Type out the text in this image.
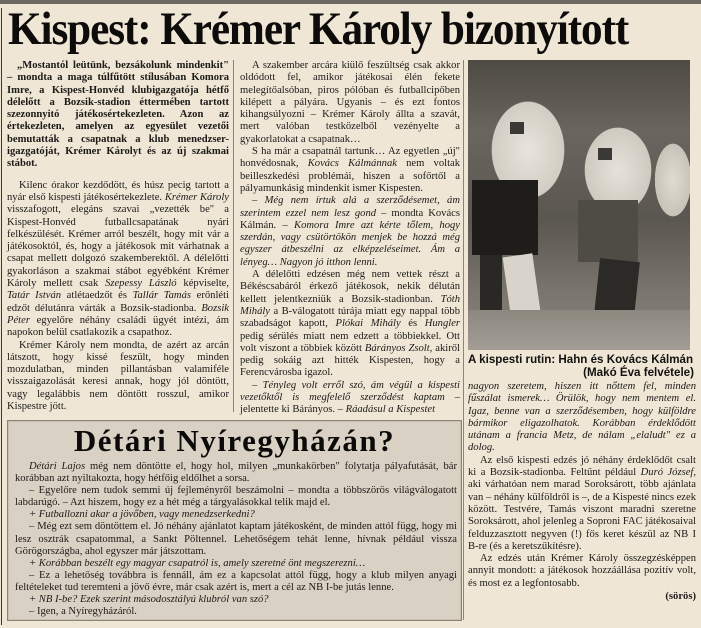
Kispest: Krémer Károly bizonyított

„Mostantól leütünk, bezsákolunk mindenkit" – mondta a maga túlfűtött stílusában Komora Imre, a Kispest-Honvéd klubigazgatója hétfő délelőtt a Bozsik-stadion éttermében tartott szezonnyitó játékosértekezleten. Azon az értekezleten, amelyen az egyesület vezetői bemutatták a csapatnak a klub menedzser-igazgatóját, Krémer Károlyt és az új szakmai stábot.

Kilenc órakor kezdődött, és húsz pecig tartott a nyár első kispesti játékosértekezlete. Krémer Károly visszafogott, elegáns szavai „vezették be" a Kispest-Honvéd futballcsapatának nyári felkészülését. Krémer arról beszélt, hogy mit vár a játékosoktól, és, hogy a játékosok mit várhatnak a csapat mellett dolgozó szakemberektől. A délelőtti gyakorláson a szakmai stábot egyébként Krémer Károly mellett csak Szepessy László képviselte, Tatár István atlétaedzőt és Tallár Tamás erőnléti edzőt délutánra várták a Bozsik-stadionba. Bozsik Péter egyelőre néhány családi ügyét intézi, ám napokon belül csatlakozik a csapathoz.

Krémer Károly nem mondta, de azért az arcán látszott, hogy kissé feszült, hogy minden mozdulatban, minden pillantásban valamiféle visszaigazolását keresi annak, hogy jól döntött, vagy legalábbis nem döntött rosszul, amikor Kispestre jött.

A szakember arcára kiülő feszültség csak akkor oldódott fel, amikor játékosai élén fekete melegítőalsóban, piros pólóban és futballcipőben kilépett a pályára. Ugyanis – és ezt fontos kihangsúlyozni – Krémer Károly állta a szavát, mert valóban testközelből vezényelte a gyakorlatokat a csapatnak…

S ha már a csapatnál tartunk… Az egyetlen „új" honvédosnak, Kovács Kálmánnak nem voltak beilleszkedési problémái, hiszen a sofőrtől a pályamunkásig mindenkit ismer Kispesten.

– Még nem írtuk alá a szerződésemet, ám szerintem ezzel nem lesz gond – mondta Kovács Kálmán. – Komora Imre azt kérte tőlem, hogy szerdán, vagy csütörtökön menjek be hozzá még egyszer átbeszélni az elképzeléseimet. Ám a lényeg… Nagyon jó itthon lenni.

A délelőtti edzésen még nem vettek részt a Békéscsabáról érkező játékosok, nekik délután kellett jelentkezniük a Bozsik-stadionban. Tóth Mihály a B-válogatott túrája miatt egy nappal több szabadságot kapott, Plókai Mihály és Hungler pedig sérülés miatt nem edzett a többiekkel. Ott volt viszont a többiek között Bárányos Zsolt, akiről pedig sokáig azt hitték Kispesten, hogy a Ferencvárosba igazol.

– Tényleg volt erről szó, ám végül a kispesti vezetőktől is megfelelő szerződést kaptam – jelentette ki Bárányos. – Ráadásul a Kispestet

A kispesti rutin: Hahn és Kovács Kálmán
(Makó Éva felvétele)

nagyon szeretem, hiszen itt nőttem fel, minden fűszálat ismerek… Örülök, hogy nem mentem el. Igaz, benne van a szerződésemben, hogy külföldre bármikor eligazolhatok. Korábban érdeklődött utánam a francia Metz, de nálam „elaludt" ez a dolog.

Az első kispesti edzés jó néhány érdeklődőt csalt ki a Bozsik-stadionba. Feltűnt például Duró József, aki várhatóan nem marad Soroksárott, több ajánlata van – néhány külföldről is –, de a Kispesté nincs ezek között. Testvére, Tamás viszont maradni szeretne Soroksárott, ahol jelenleg a Soproni FAC játékosaival felduzzasztott negyven (!) fős keret készül az NB I B-re (és a keretszűkítésre).

Az edzés után Krémer Károly összegzésképpen annyit mondott: a játékosok hozzáállása pozitív volt, és most ez a legfontosabb.

(sörös)
Détári Nyíregyházán?

Détári Lajos még nem döntötte el, hogy hol, milyen „munkakörben" folytatja pályafutását, bár korábban azt nyiltakozta, hogy hétfőig eldőlhet a sorsa.

– Egyelőre nem tudok semmi új fejleményről beszámolni – mondta a többszörös világválogatott labdarúgó. – Azt hiszem, hogy ez a hét még a tárgyalásokkal telik majd el.

+ Futballozni akar a jövőben, vagy menedzserkedni?

– Még ezt sem döntöttem el. Jó néhány ajánlatot kaptam játékosként, de minden attól függ, hogy mi lesz osztrák csapatommal, a Sankt Pöltennel. Lehetőségem tehát lenne, hívnak például vissza Görögországba, ahol egyszer már játszottam.

+ Korábban beszélt egy magyar csapatról is, amely szeretné önt megszerezni…

– Ez a lehetőség továbbra is fennáll, ám ez a kapcsolat attól függ, hogy a klub milyen anyagi feltételeket tud teremteni a jövő évre, már csak azért is, mert a cél az NB I-be jutás lenne.

+ NB I-be? Ezek szerint másodosztályú klubról van szó?

– Igen, a Nyíregyházáról.
